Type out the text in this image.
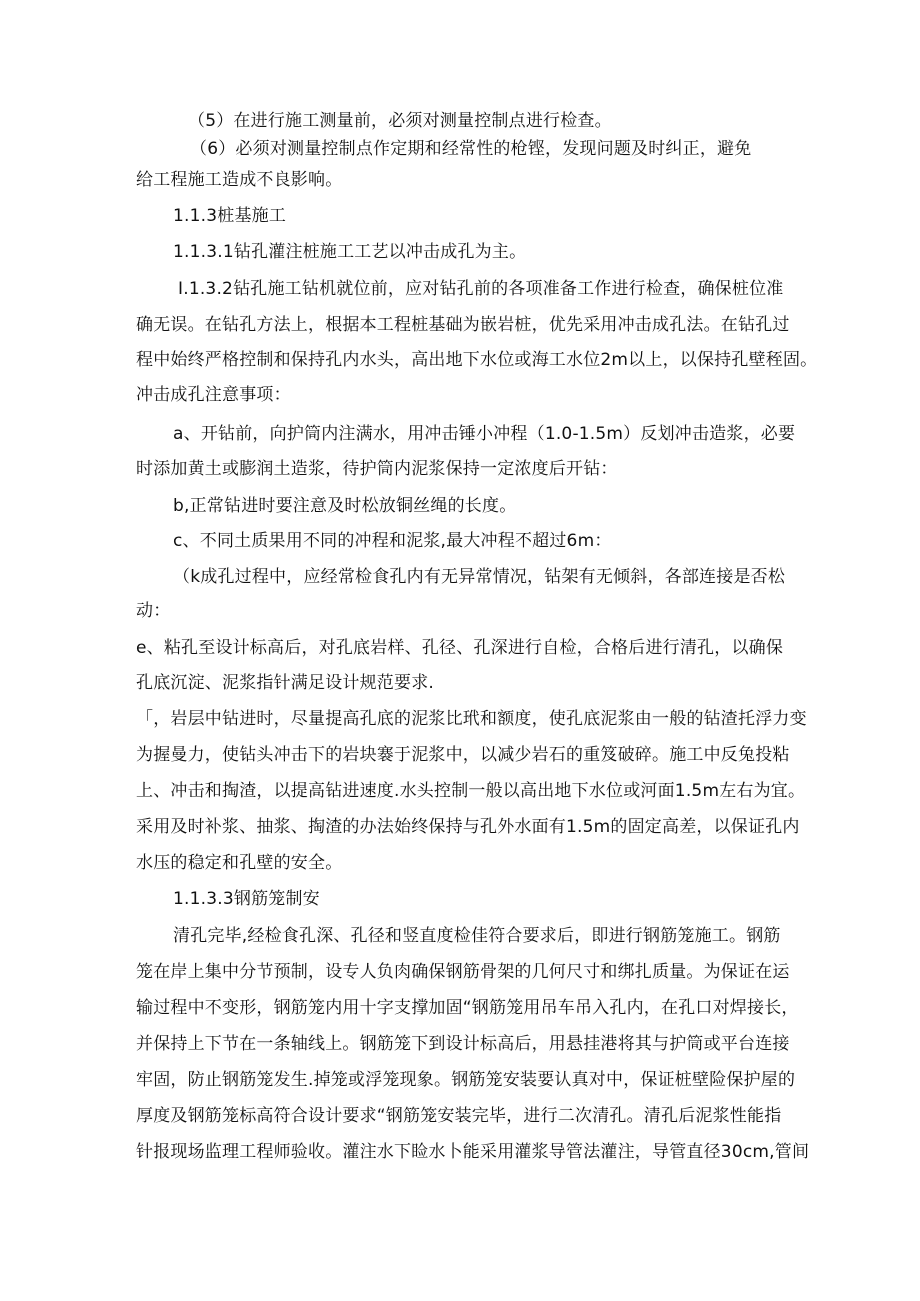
（5）在进行施工测量前，必须对测量控制点进行检查。
（6）必须对测量控制点作定期和经常性的枪铿，发现问题及时纠正，避免
给工程施工造成不良影响。
1.1.3桩基施工
1.1.3.1钻孔灌注桩施工工艺以冲击成孔为主。
I.1.3.2钻孔施工钻机就位前，应对钻孔前的各项准备工作进行检查，确保桩位准
确无误。在钻孔方法上，根据本工程桩基础为嵌岩桩，优先采用冲击成孔法。在钻孔过
程中始终严格控制和保持孔内水头，高出地下水位或海工水位2m以上，以保持孔壁秷固。
冲击成孔注意事项：
a、开钻前，向护筒内注满水，用冲击锤小冲程（1.0-1.5m）反划冲击造浆，必要
时添加黄土或膨润土造浆，待护筒内泥浆保持一定浓度后开钻：
b,正常钻进时要注意及时松放铜丝绳的长度。
c、不同土质果用不同的冲程和泥浆,最大冲程不超过6m：
（k成孔过程中，应经常检食孔内有无异常情况，钻架有无倾斜，各部连接是否松
动：
e、粘孔至设计标高后，对孔底岩样、孔径、孔深进行自检，合格后进行清孔，以确保
孔底沉淀、泥浆指针满足设计规范要求.
「，岩层中钻进时，尽量提高孔底的泥浆比玳和额度，使孔底泥浆由一般的钻渣托浮力变
为握曼力，使钻头冲击下的岩块褰于泥浆中，以减少岩石的重笈破碎。施工中反兔投粘
上、冲击和掏渣，以提高钻进速度.水头控制一般以高出地下水位或河面1.5m左右为宜。
采用及时补浆、抽浆、掏渣的办法始终保持与孔外水面有1.5m的固定高差，以保证孔内
水压的稳定和孔壁的安全。
1.1.3.3钢筋笼制安
清孔完毕,经检食孔深、孔径和竖直度检佳符合要求后，即进行钢筋笼施工。钢筋
笼在岸上集中分节预制，设专人负肉确保钢筋骨架的几何尺寸和绑扎质量。为保证在运
输过程中不变形，钢筋笼内用十字支撑加固“钢筋笼用吊车吊入孔内，在孔口对焊接长，
并保持上下节在一条轴线上。钢筋笼下到设计标高后，用悬挂港将其与护筒或平台连接
牢固，防止钢筋笼发生.掉笼或浮笼现象。钢筋笼安装要认真对中，保证桩壁险保护屋的
厚度及钢筋笼标高符合设计要求“钢筋笼安装完毕，进行二次清孔。清孔后泥浆性能指
针报现场监理工程师验收。灌注水下睑水卜能采用灌浆导管法灌注，导管直径30cm,管间
